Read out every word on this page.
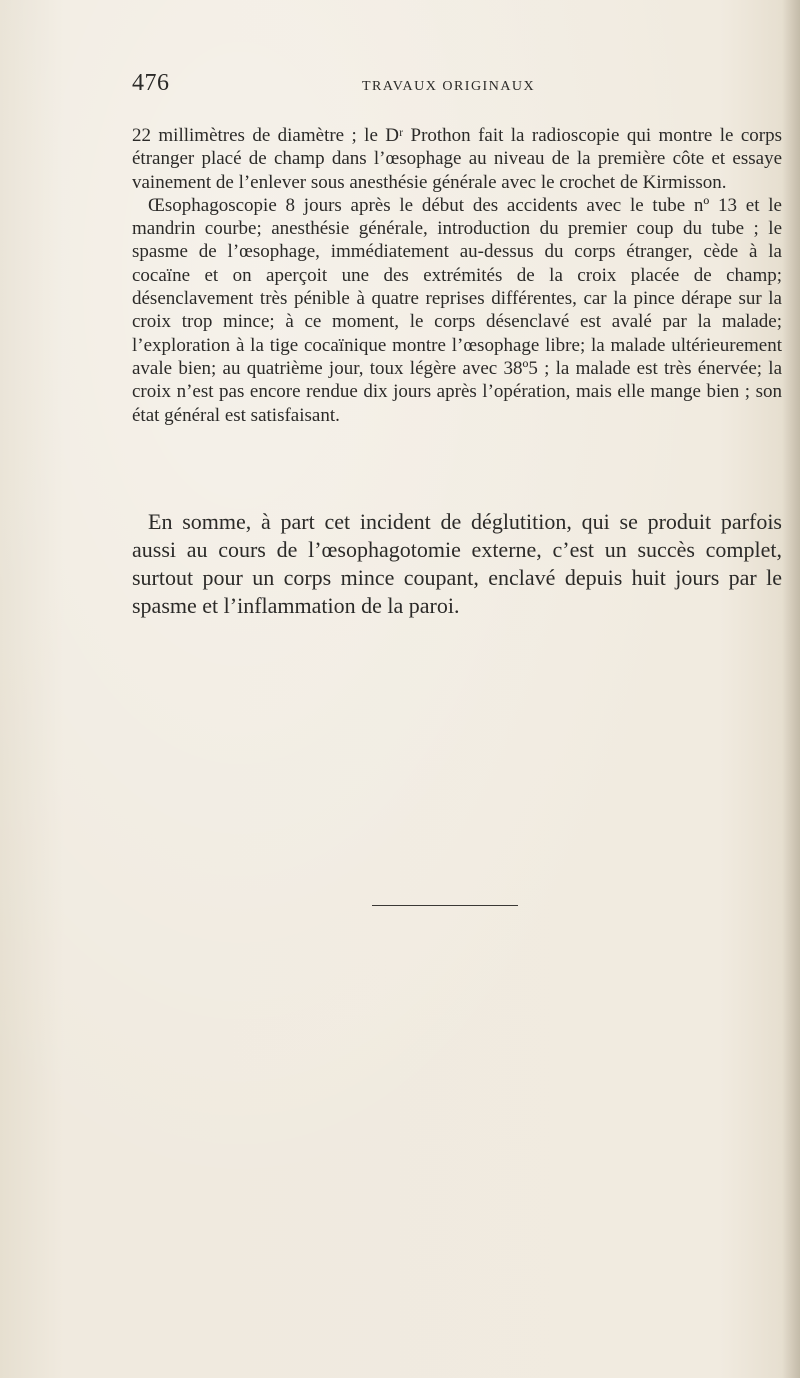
476	TRAVAUX ORIGINAUX

22 millimètres de diamètre ; le Dʳ Prothon fait la radioscopie qui montre le corps étranger placé de champ dans l’œsophage au niveau de la première côte et essaye vainement de l’enlever sous anesthésie générale avec le crochet de Kirmisson.

Œsophagoscopie 8 jours après le début des accidents avec le tube nº 13 et le mandrin courbe; anesthésie générale, introduction du premier coup du tube ; le spasme de l’œsophage, immédiatement au-dessus du corps étranger, cède à la cocaïne et on aperçoit une des extrémités de la croix placée de champ; désenclavement très pénible à quatre reprises différentes, car la pince dérape sur la croix trop mince; à ce moment, le corps désenclavé est avalé par la malade; l’exploration à la tige cocaïnique montre l’œsophage libre; la malade ultérieurement avale bien; au quatrième jour, toux légère avec 38º5 ; la malade est très énervée; la croix n’est pas encore rendue dix jours après l’opération, mais elle mange bien ; son état général est satisfaisant.

En somme, à part cet incident de déglutition, qui se produit parfois aussi au cours de l’œsophagotomie externe, c’est un succès complet, surtout pour un corps mince coupant, enclavé depuis huit jours par le spasme et l’inflammation de la paroi.
